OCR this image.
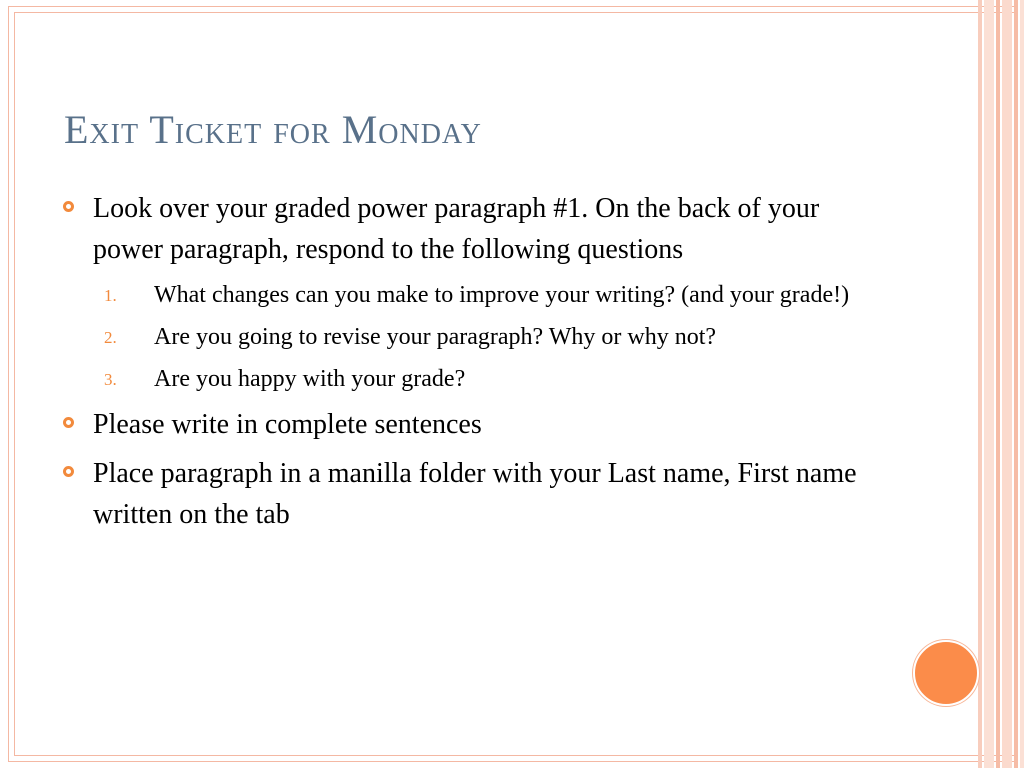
Exit Ticket for Monday
Look over your graded power paragraph #1. On the back of your power paragraph, respond to the following questions
1. What changes can you make to improve your writing? (and your grade!)
2. Are you going to revise your paragraph? Why or why not?
3. Are you happy with your grade?
Please write in complete sentences
Place paragraph in a manilla folder with your Last name, First name written on the tab
